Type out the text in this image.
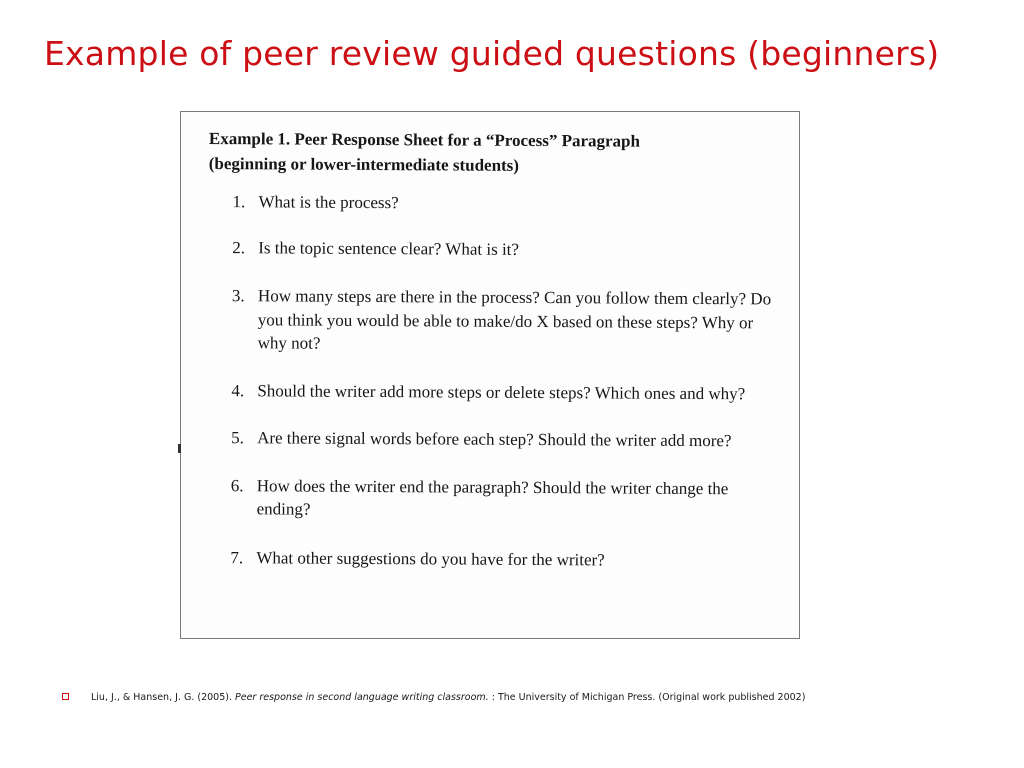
Example of peer review guided questions (beginners)

Example 1. Peer Response Sheet for a “Process” Paragraph
(beginning or lower-intermediate students)

1. What is the process?
2. Is the topic sentence clear? What is it?
3. How many steps are there in the process? Can you follow them clearly? Do you think you would be able to make/do X based on these steps? Why or why not?
4. Should the writer add more steps or delete steps? Which ones and why?
5. Are there signal words before each step? Should the writer add more?
6. How does the writer end the paragraph? Should the writer change the ending?
7. What other suggestions do you have for the writer?
Liu, J., & Hansen, J. G. (2005). Peer response in second language writing classroom. : The University of Michigan Press. (Original work published 2002)
